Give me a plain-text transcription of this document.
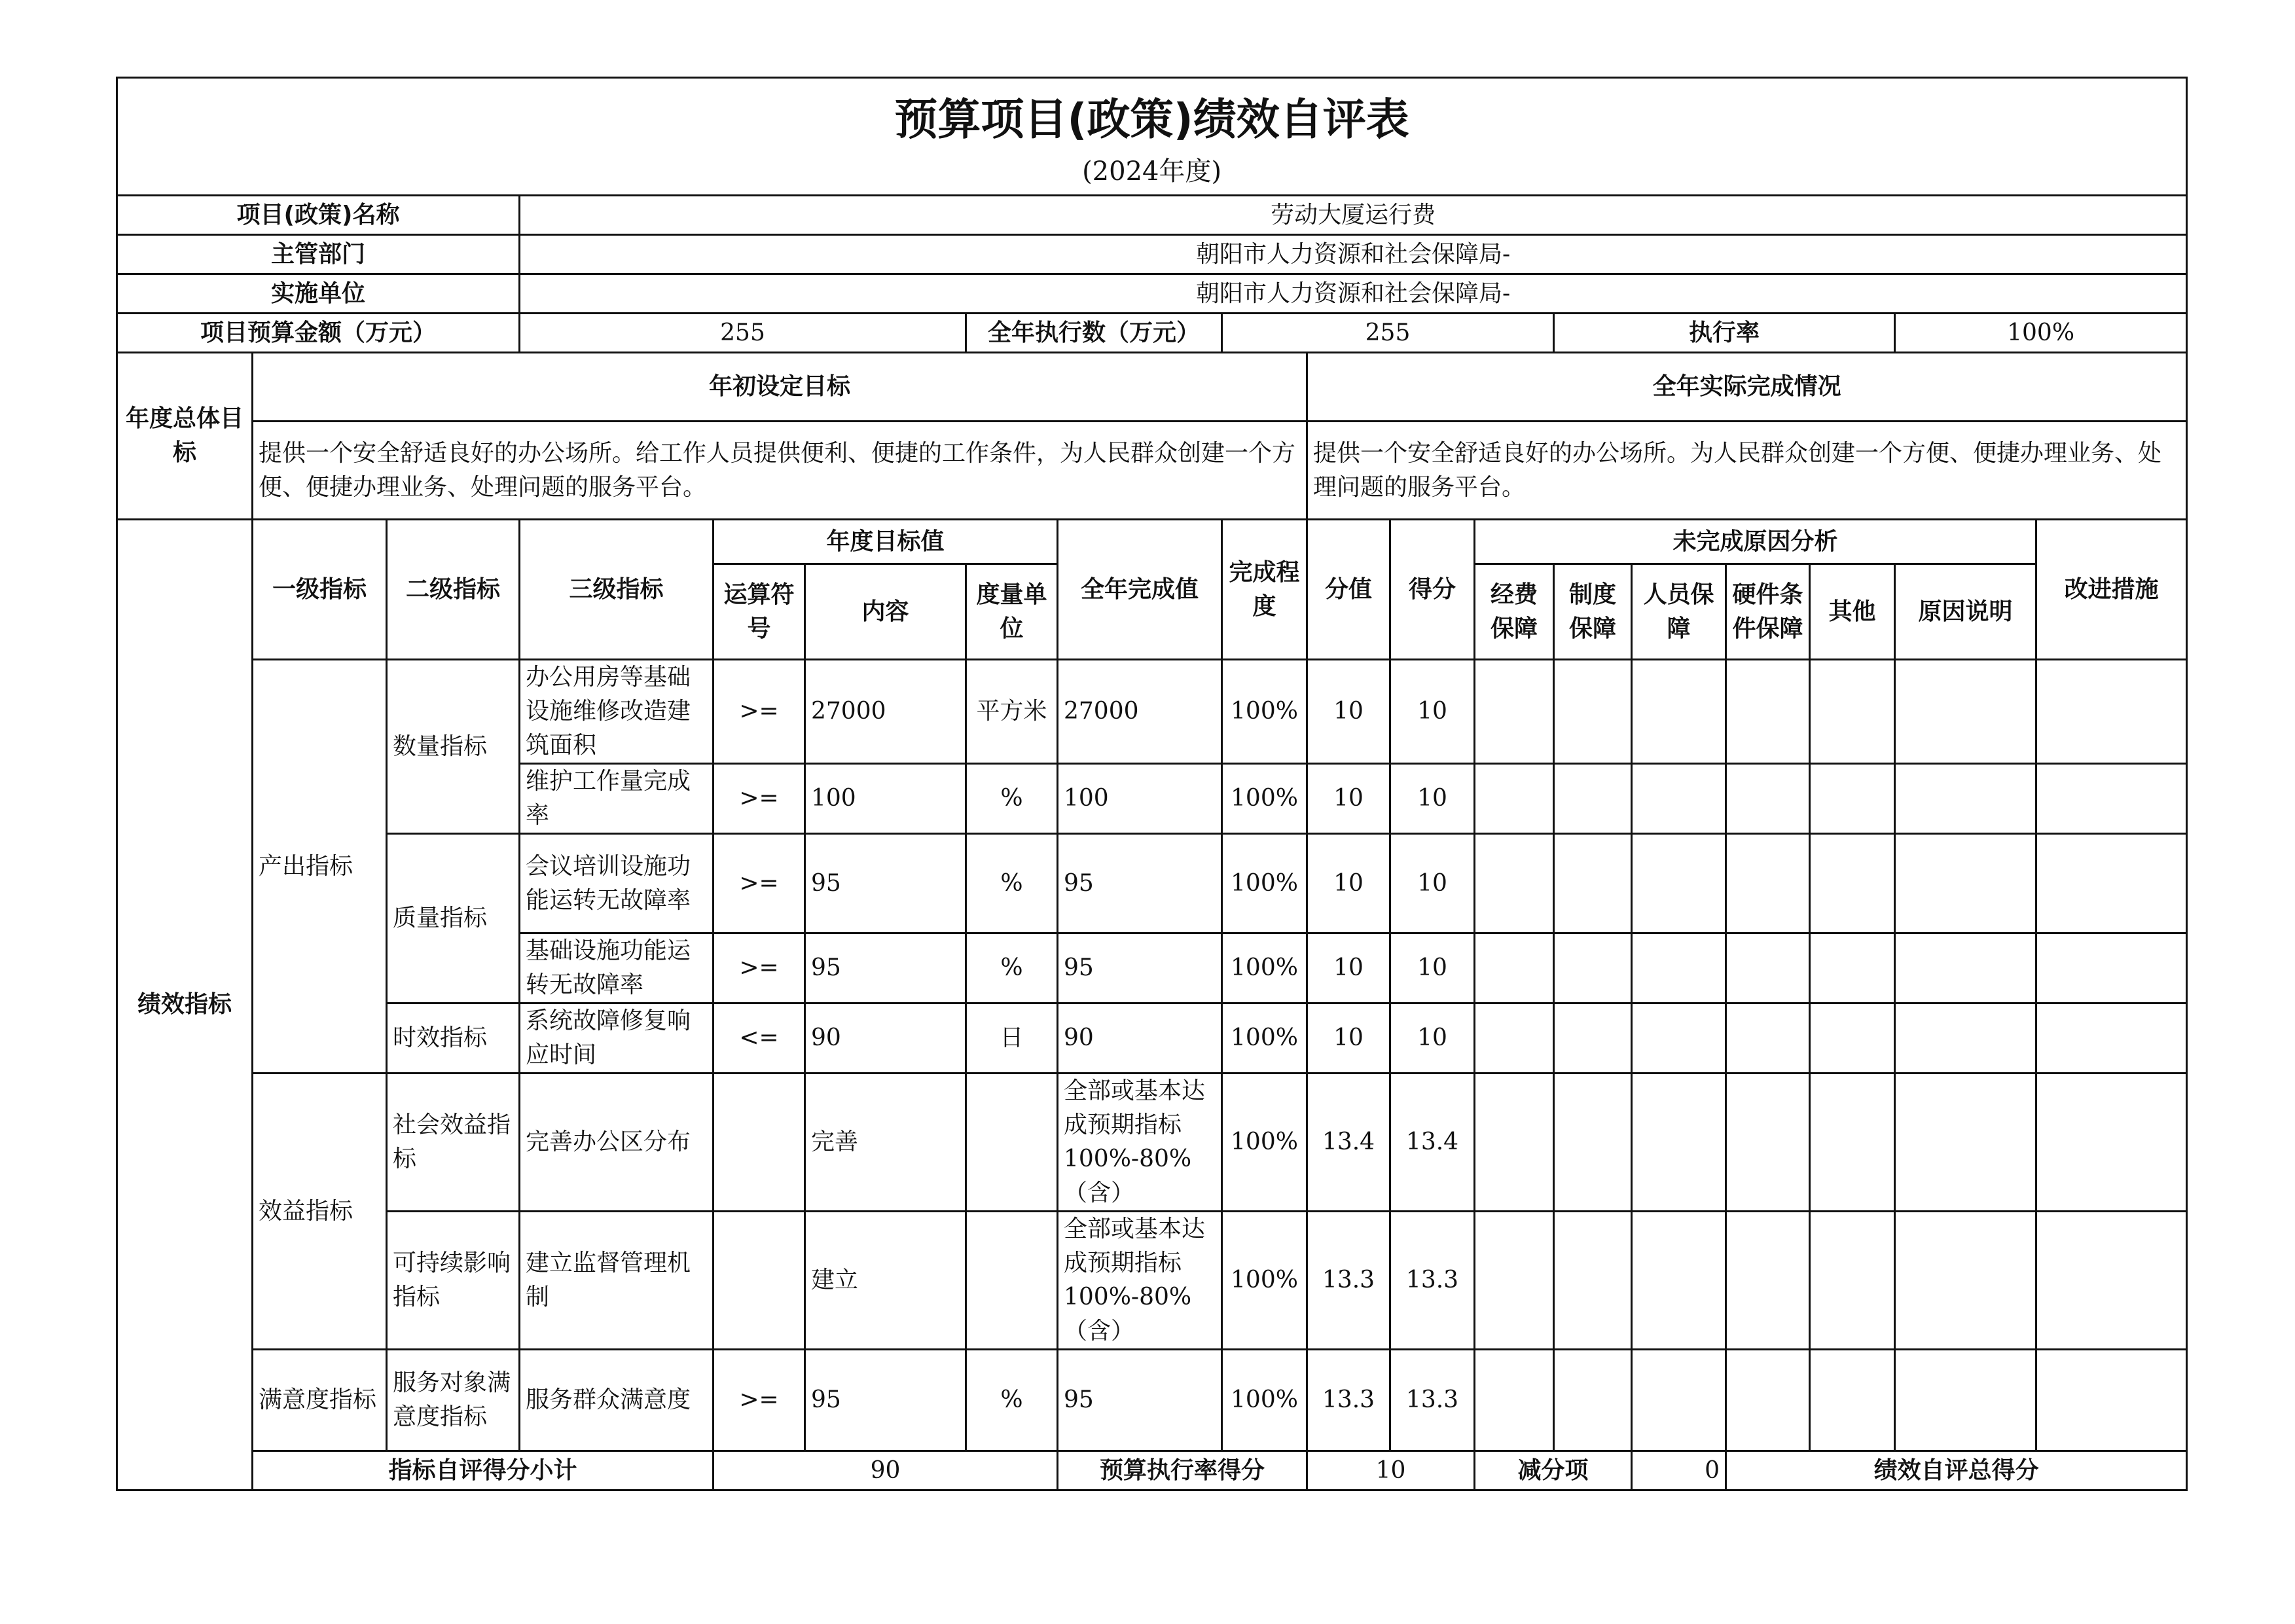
预算项目(政策)绩效自评表
(2024年度)																		

项目(政策)名称			劳动大厦运行费															
主管部门			朝阳市人力资源和社会保障局-															
实施单位			朝阳市人力资源和社会保障局-															
项目预算金额（万元）			255			全年执行数（万元）		255				执行率				100%		
年度总体目标	年初设定目标								全年实际完成情况									
	提供一个安全舒适良好的办公场所。给工作人员提供便利、便捷的工作条件，为人民群众创建一个方便、便捷办理业务、处理问题的服务平台。								提供一个安全舒适良好的办公场所。为人民群众创建一个方便、便捷办理业务、处理问题的服务平台。									
绩效指标	一级指标	二级指标	三级指标	年度目标值			全年完成值	完成程度	分值	得分	未完成原因分析						改进措施	
				运算符号	内容	度量单位					经费保障	制度保障	人员保障	硬件条件保障	其他	原因说明		
	产出指标	数量指标	办公用房等基础设施维修改造建筑面积	>=	27000	平方米	27000	100%	10	10								
			维护工作量完成率	>=	100	%	100	100%	10	10								
		质量指标	会议培训设施功能运转无故障率	>=	95	%	95	100%	10	10								
			基础设施功能运转无故障率	>=	95	%	95	100%	10	10								
		时效指标	系统故障修复响应时间	<=	90	日	90	100%	10	10								
	效益指标	社会效益指标	完善办公区分布		完善		全部或基本达成预期指标100%-80%（含）	100%	13.4	13.4								
		可持续影响指标	建立监督管理机制		建立		全部或基本达成预期指标100%-80%（含）	100%	13.3	13.3								
	满意度指标	服务对象满意度指标	服务群众满意度	>=	95	%	95	100%	13.3	13.3								
	指标自评得分小计			90			预算执行率得分		10		减分项		0	绩效自评总得分	
